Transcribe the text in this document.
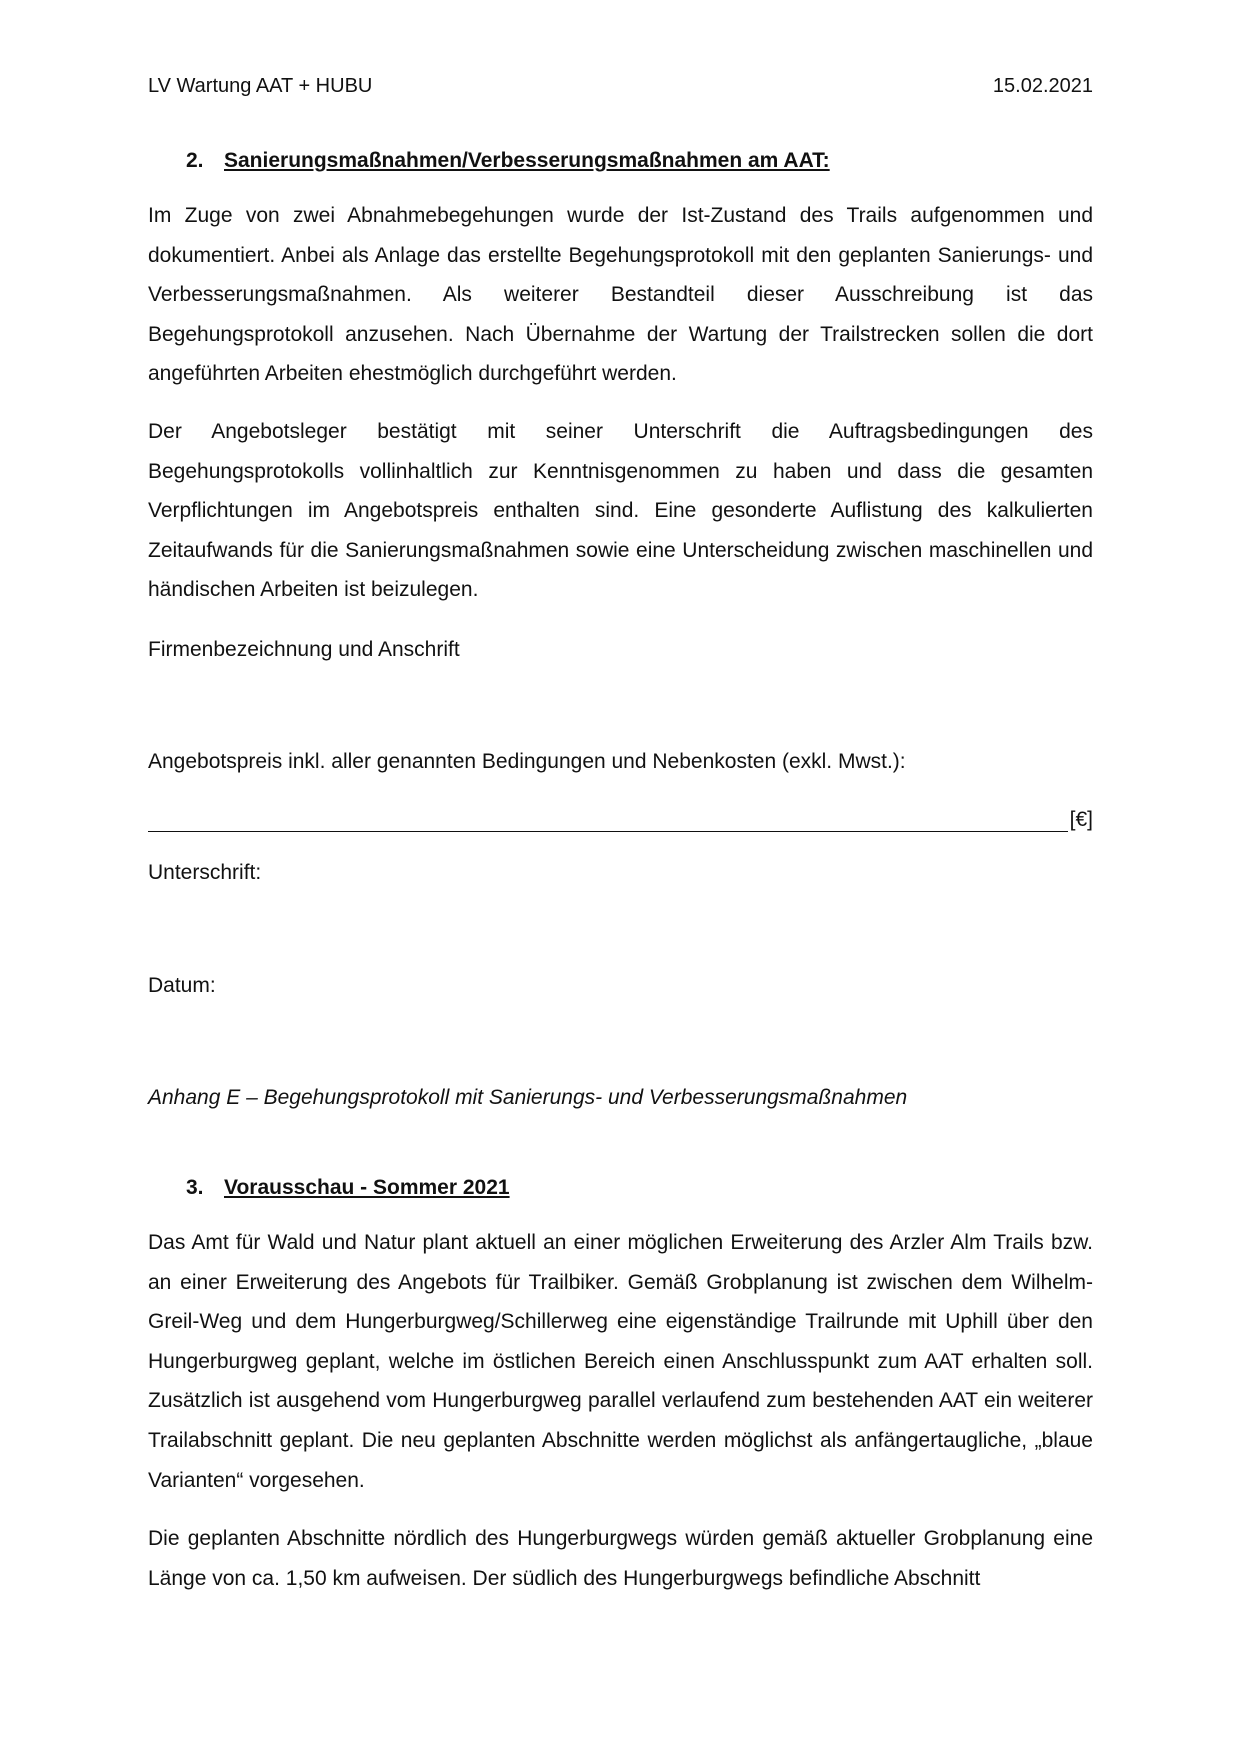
LV Wartung AAT + HUBU	15.02.2021
2. Sanierungsmaßnahmen/Verbesserungsmaßnahmen am AAT:

Im Zuge von zwei Abnahmebegehungen wurde der Ist-Zustand des Trails aufgenommen und dokumentiert. Anbei als Anlage das erstellte Begehungsprotokoll mit den geplanten Sanierungs- und Verbesserungsmaßnahmen. Als weiterer Bestandteil dieser Ausschreibung ist das Begehungsprotokoll anzusehen. Nach Übernahme der Wartung der Trailstrecken sollen die dort angeführten Arbeiten ehestmöglich durchgeführt werden.

Der Angebotsleger bestätigt mit seiner Unterschrift die Auftragsbedingungen des Begehungsprotokolls vollinhaltlich zur Kenntnisgenommen zu haben und dass die gesamten Verpflichtungen im Angebotspreis enthalten sind. Eine gesonderte Auflistung des kalkulierten Zeitaufwands für die Sanierungsmaßnahmen sowie eine Unterscheidung zwischen maschinellen und händischen Arbeiten ist beizulegen.

Firmenbezeichnung und Anschrift
Angebotspreis inkl. aller genannten Bedingungen und Nebenkosten (exkl. Mwst.):
[€]
Unterschrift:
Datum:
Anhang E – Begehungsprotokoll mit Sanierungs- und Verbesserungsmaßnahmen
3. Vorausschau - Sommer 2021

Das Amt für Wald und Natur plant aktuell an einer möglichen Erweiterung des Arzler Alm Trails bzw. an einer Erweiterung des Angebots für Trailbiker. Gemäß Grobplanung ist zwischen dem Wilhelm-Greil-Weg und dem Hungerburgweg/Schillerweg eine eigenständige Trailrunde mit Uphill über den Hungerburgweg geplant, welche im östlichen Bereich einen Anschlusspunkt zum AAT erhalten soll. Zusätzlich ist ausgehend vom Hungerburgweg parallel verlaufend zum bestehenden AAT ein weiterer Trailabschnitt geplant. Die neu geplanten Abschnitte werden möglichst als anfängertaugliche, „blaue Varianten“ vorgesehen.

Die geplanten Abschnitte nördlich des Hungerburgwegs würden gemäß aktueller Grobplanung eine Länge von ca. 1,50 km aufweisen. Der südlich des Hungerburgwegs befindliche Abschnitt
